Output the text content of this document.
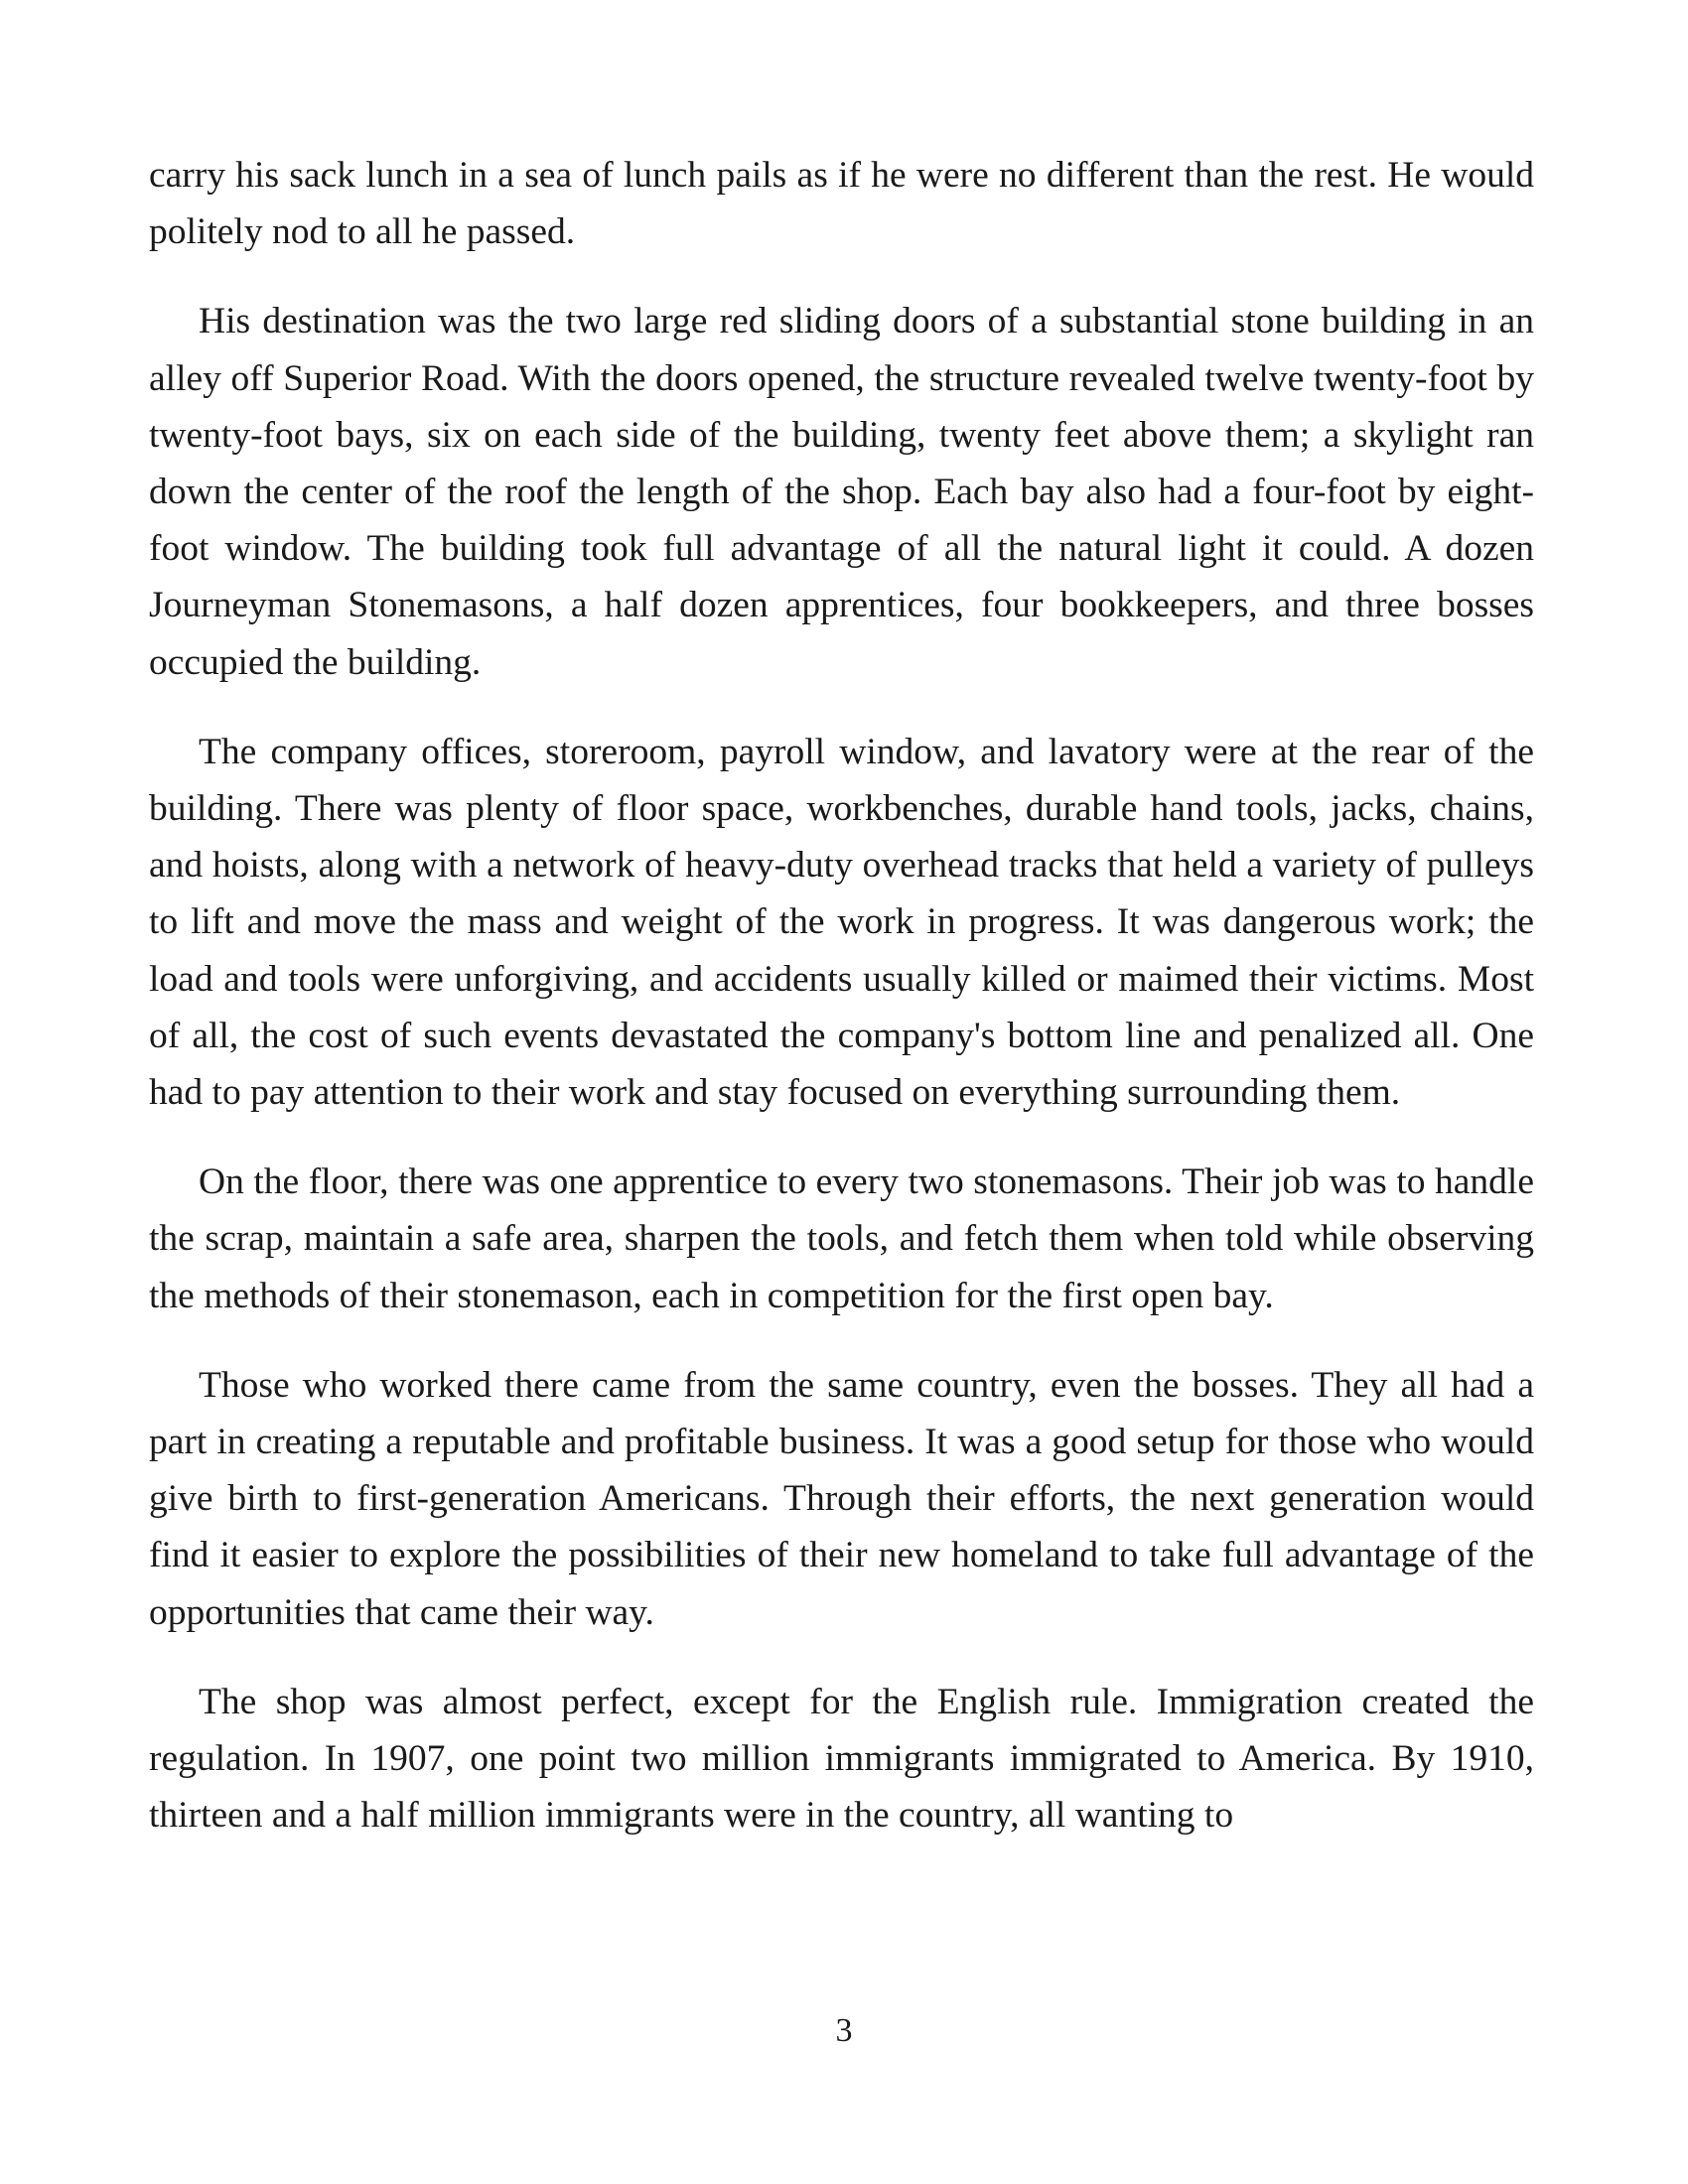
carry his sack lunch in a sea of lunch pails as if he were no different than the rest. He would politely nod to all he passed.

His destination was the two large red sliding doors of a substantial stone building in an alley off Superior Road. With the doors opened, the structure revealed twelve twenty-foot by twenty-foot bays, six on each side of the building, twenty feet above them; a skylight ran down the center of the roof the length of the shop. Each bay also had a four-foot by eight-foot window. The building took full advantage of all the natural light it could. A dozen Journeyman Stonemasons, a half dozen apprentices, four bookkeepers, and three bosses occupied the building.

The company offices, storeroom, payroll window, and lavatory were at the rear of the building. There was plenty of floor space, workbenches, durable hand tools, jacks, chains, and hoists, along with a network of heavy-duty overhead tracks that held a variety of pulleys to lift and move the mass and weight of the work in progress. It was dangerous work; the load and tools were unforgiving, and accidents usually killed or maimed their victims. Most of all, the cost of such events devastated the company's bottom line and penalized all. One had to pay attention to their work and stay focused on everything surrounding them.

On the floor, there was one apprentice to every two stonemasons. Their job was to handle the scrap, maintain a safe area, sharpen the tools, and fetch them when told while observing the methods of their stonemason, each in competition for the first open bay.

Those who worked there came from the same country, even the bosses. They all had a part in creating a reputable and profitable business. It was a good setup for those who would give birth to first-generation Americans. Through their efforts, the next generation would find it easier to explore the possibilities of their new homeland to take full advantage of the opportunities that came their way.

The shop was almost perfect, except for the English rule. Immigration created the regulation. In 1907, one point two million immigrants immigrated to America. By 1910, thirteen and a half million immigrants were in the country, all wanting to

3
